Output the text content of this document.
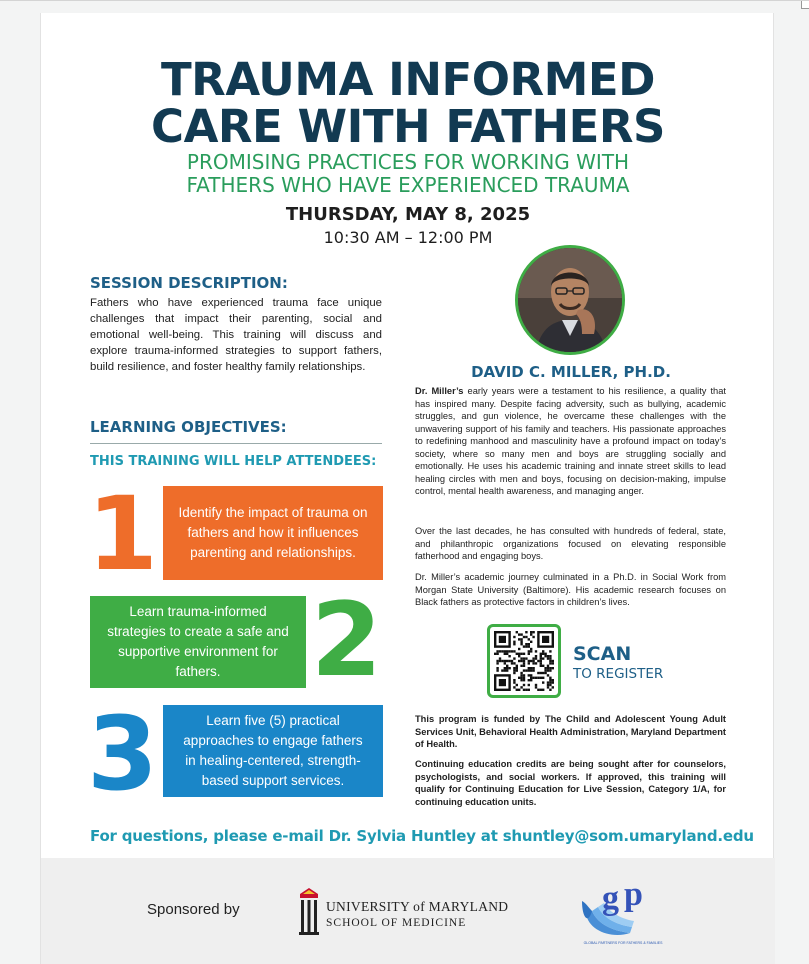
TRAUMA INFORMED
CARE WITH FATHERS
PROMISING PRACTICES FOR WORKING WITH
FATHERS WHO HAVE EXPERIENCED TRAUMA
THURSDAY, MAY 8, 2025
10:30 AM – 12:00 PM
SESSION DESCRIPTION:
Fathers who have experienced trauma face unique challenges that impact their parenting, social and emotional well-being. This training will discuss and explore trauma-informed strategies to support fathers, build resilience, and foster healthy family relationships.
LEARNING OBJECTIVES:
THIS TRAINING WILL HELP ATTENDEES:
1 Identify the impact of trauma on fathers and how it influences parenting and relationships.
Learn trauma-informed strategies to create a safe and supportive environment for fathers. 2
3	Learn five (5) practical approaches to engage fathers in healing-centered, strength-based support services.
DAVID C. MILLER, PH.D.
Dr. Miller’s early years were a testament to his resilience, a quality that has inspired many. Despite facing adversity, such as bullying, academic struggles, and gun violence, he overcame these challenges with the unwavering support of his family and teachers. His passionate approaches to redefining manhood and masculinity have a profound impact on today’s society, where so many men and boys are struggling socially and emotionally. He uses his academic training and innate street skills to lead healing circles with men and boys, focusing on decision-making, impulse control, mental health awareness, and managing anger.
Over the last decades, he has consulted with hundreds of federal, state, and philanthropic organizations focused on elevating responsible fatherhood and engaging boys.
Dr. Miller’s academic journey culminated in a Ph.D. in Social Work from Morgan State University (Baltimore). His academic research focuses on Black fathers as protective factors in children’s lives.
SCAN
TO REGISTER
This program is funded by The Child and Adolescent Young Adult Services Unit, Behavioral Health Administration, Maryland Department of Health.
Continuing education credits are being sought after for counselors, psychologists, and social workers. If approved, this training will qualify for Continuing Education for Live Session, Category 1/A, for continuing education units.
For questions, please e-mail Dr. Sylvia Huntley at shuntley@som.umaryland.edu
Sponsored by	UNIVERSITY of MARYLAND
SCHOOL OF MEDICINE
g p
GLOBAL PARTNERS FOR FATHERS & FAMILIES
